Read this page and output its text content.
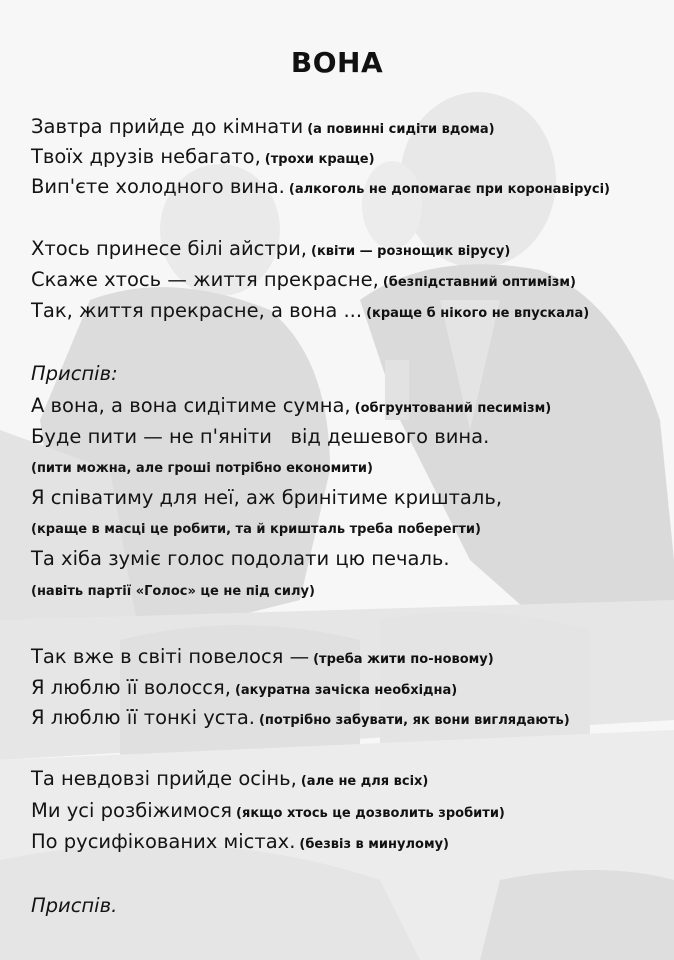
ВОНА
Завтра прийде до кімнати (а повинні сидіти вдома)
Твоїх друзів небагато, (трохи краще)
Вип'єте холодного вина. (алкоголь не допомагає при коронавірусі)
Хтось принесе білі айстри, (квіти — рознощик вірусу)
Скаже хтось — життя прекрасне, (безпідставний оптимізм)
Так, життя прекрасне, а вона ... (краще б нікого не впускала)
Приспів:
А вона, а вона сидітиме сумна, (обгрунтований песимізм)
Буде пити — не п'яніти   від дешевого вина.
(пити можна, але гроші потрібно економити)
Я співатиму для неї, аж бринітиме кришталь,
(краще в масці це робити, та й кришталь треба поберегти)
Та хіба зуміє голос подолати цю печаль.
(навіть партії «Голос» це не під силу)
Так вже в світі повелося — (треба жити по-новому)
Я люблю її волосся, (акуратна зачіска необхідна)
Я люблю її тонкі уста. (потрібно забувати, як вони виглядають)
Та невдовзі прийде осінь, (але не для всіх)
Ми усі розбіжимося (якщо хтось це дозволить зробити)
По русифікованих містах. (безвіз в минулому)
Приспів.
